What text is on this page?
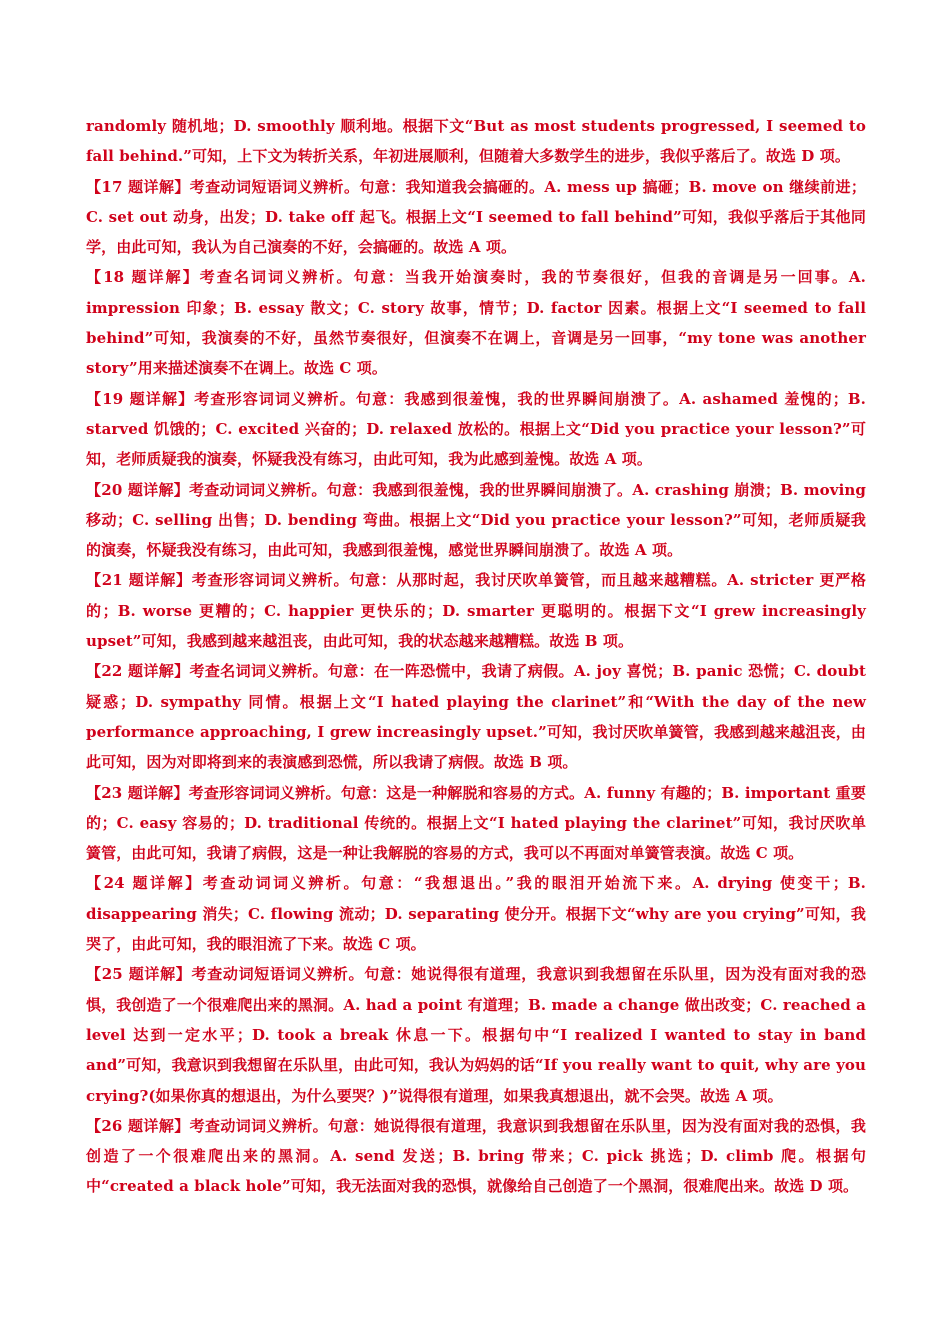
randomly 随机地；D. smoothly 顺利地。根据下文“But as most students progressed, I seemed to fall behind.”可知，上下文为转折关系，年初进展顺利，但随着大多数学生的进步，我似乎落后了。故选 D 项。

【17 题详解】考查动词短语词义辨析。句意：我知道我会搞砸的。A. mess up 搞砸；B. move on 继续前进；C. set out 动身，出发；D. take off 起飞。根据上文“I seemed to fall behind”可知，我似乎落后于其他同学，由此可知，我认为自己演奏的不好，会搞砸的。故选 A 项。

【18 题详解】考查名词词义辨析。句意：当我开始演奏时，我的节奏很好，但我的音调是另一回事。A. impression 印象；B. essay 散文；C. story 故事，情节；D. factor 因素。根据上文“I seemed to fall behind”可知，我演奏的不好，虽然节奏很好，但演奏不在调上，音调是另一回事，“my tone was another story”用来描述演奏不在调上。故选 C 项。

【19 题详解】考查形容词词义辨析。句意：我感到很羞愧，我的世界瞬间崩溃了。A. ashamed 羞愧的；B. starved 饥饿的；C. excited 兴奋的；D. relaxed 放松的。根据上文“Did you practice your lesson?”可知，老师质疑我的演奏，怀疑我没有练习，由此可知，我为此感到羞愧。故选 A 项。

【20 题详解】考查动词词义辨析。句意：我感到很羞愧，我的世界瞬间崩溃了。A. crashing 崩溃；B. moving 移动；C. selling 出售；D. bending 弯曲。根据上文“Did you practice your lesson?”可知，老师质疑我的演奏，怀疑我没有练习，由此可知，我感到很羞愧，感觉世界瞬间崩溃了。故选 A 项。

【21 题详解】考查形容词词义辨析。句意：从那时起，我讨厌吹单簧管，而且越来越糟糕。A. stricter 更严格的；B. worse 更糟的；C. happier 更快乐的；D. smarter 更聪明的。根据下文“I grew increasingly upset”可知，我感到越来越沮丧，由此可知，我的状态越来越糟糕。故选 B 项。

【22 题详解】考查名词词义辨析。句意：在一阵恐慌中，我请了病假。A. joy 喜悦；B. panic 恐慌；C. doubt 疑惑；D. sympathy 同情。根据上文“I hated playing the clarinet”和“With the day of the new performance approaching, I grew increasingly upset.”可知，我讨厌吹单簧管，我感到越来越沮丧，由此可知，因为对即将到来的表演感到恐慌，所以我请了病假。故选 B 项。

【23 题详解】考查形容词词义辨析。句意：这是一种解脱和容易的方式。A. funny 有趣的；B. important 重要的；C. easy 容易的；D. traditional 传统的。根据上文“I hated playing the clarinet”可知，我讨厌吹单簧管，由此可知，我请了病假，这是一种让我解脱的容易的方式，我可以不再面对单簧管表演。故选 C 项。

【24 题详解】考查动词词义辨析。句意：“我想退出。”我的眼泪开始流下来。A. drying 使变干；B. disappearing 消失；C. flowing 流动；D. separating 使分开。根据下文“why are you crying”可知，我哭了，由此可知，我的眼泪流了下来。故选 C 项。

【25 题详解】考查动词短语词义辨析。句意：她说得很有道理，我意识到我想留在乐队里，因为没有面对我的恐惧，我创造了一个很难爬出来的黑洞。A. had a point 有道理；B. made a change 做出改变；C. reached a level 达到一定水平；D. took a break 休息一下。根据句中“I realized I wanted to stay in band and”可知，我意识到我想留在乐队里，由此可知，我认为妈妈的话“If you really want to quit, why are you crying?(如果你真的想退出，为什么要哭？)”说得很有道理，如果我真想退出，就不会哭。故选 A 项。

【26 题详解】考查动词词义辨析。句意：她说得很有道理，我意识到我想留在乐队里，因为没有面对我的恐惧，我创造了一个很难爬出来的黑洞。A. send 发送；B. bring 带来；C. pick 挑选；D. climb 爬。根据句中“created a black hole”可知，我无法面对我的恐惧，就像给自己创造了一个黑洞，很难爬出来。故选 D 项。
